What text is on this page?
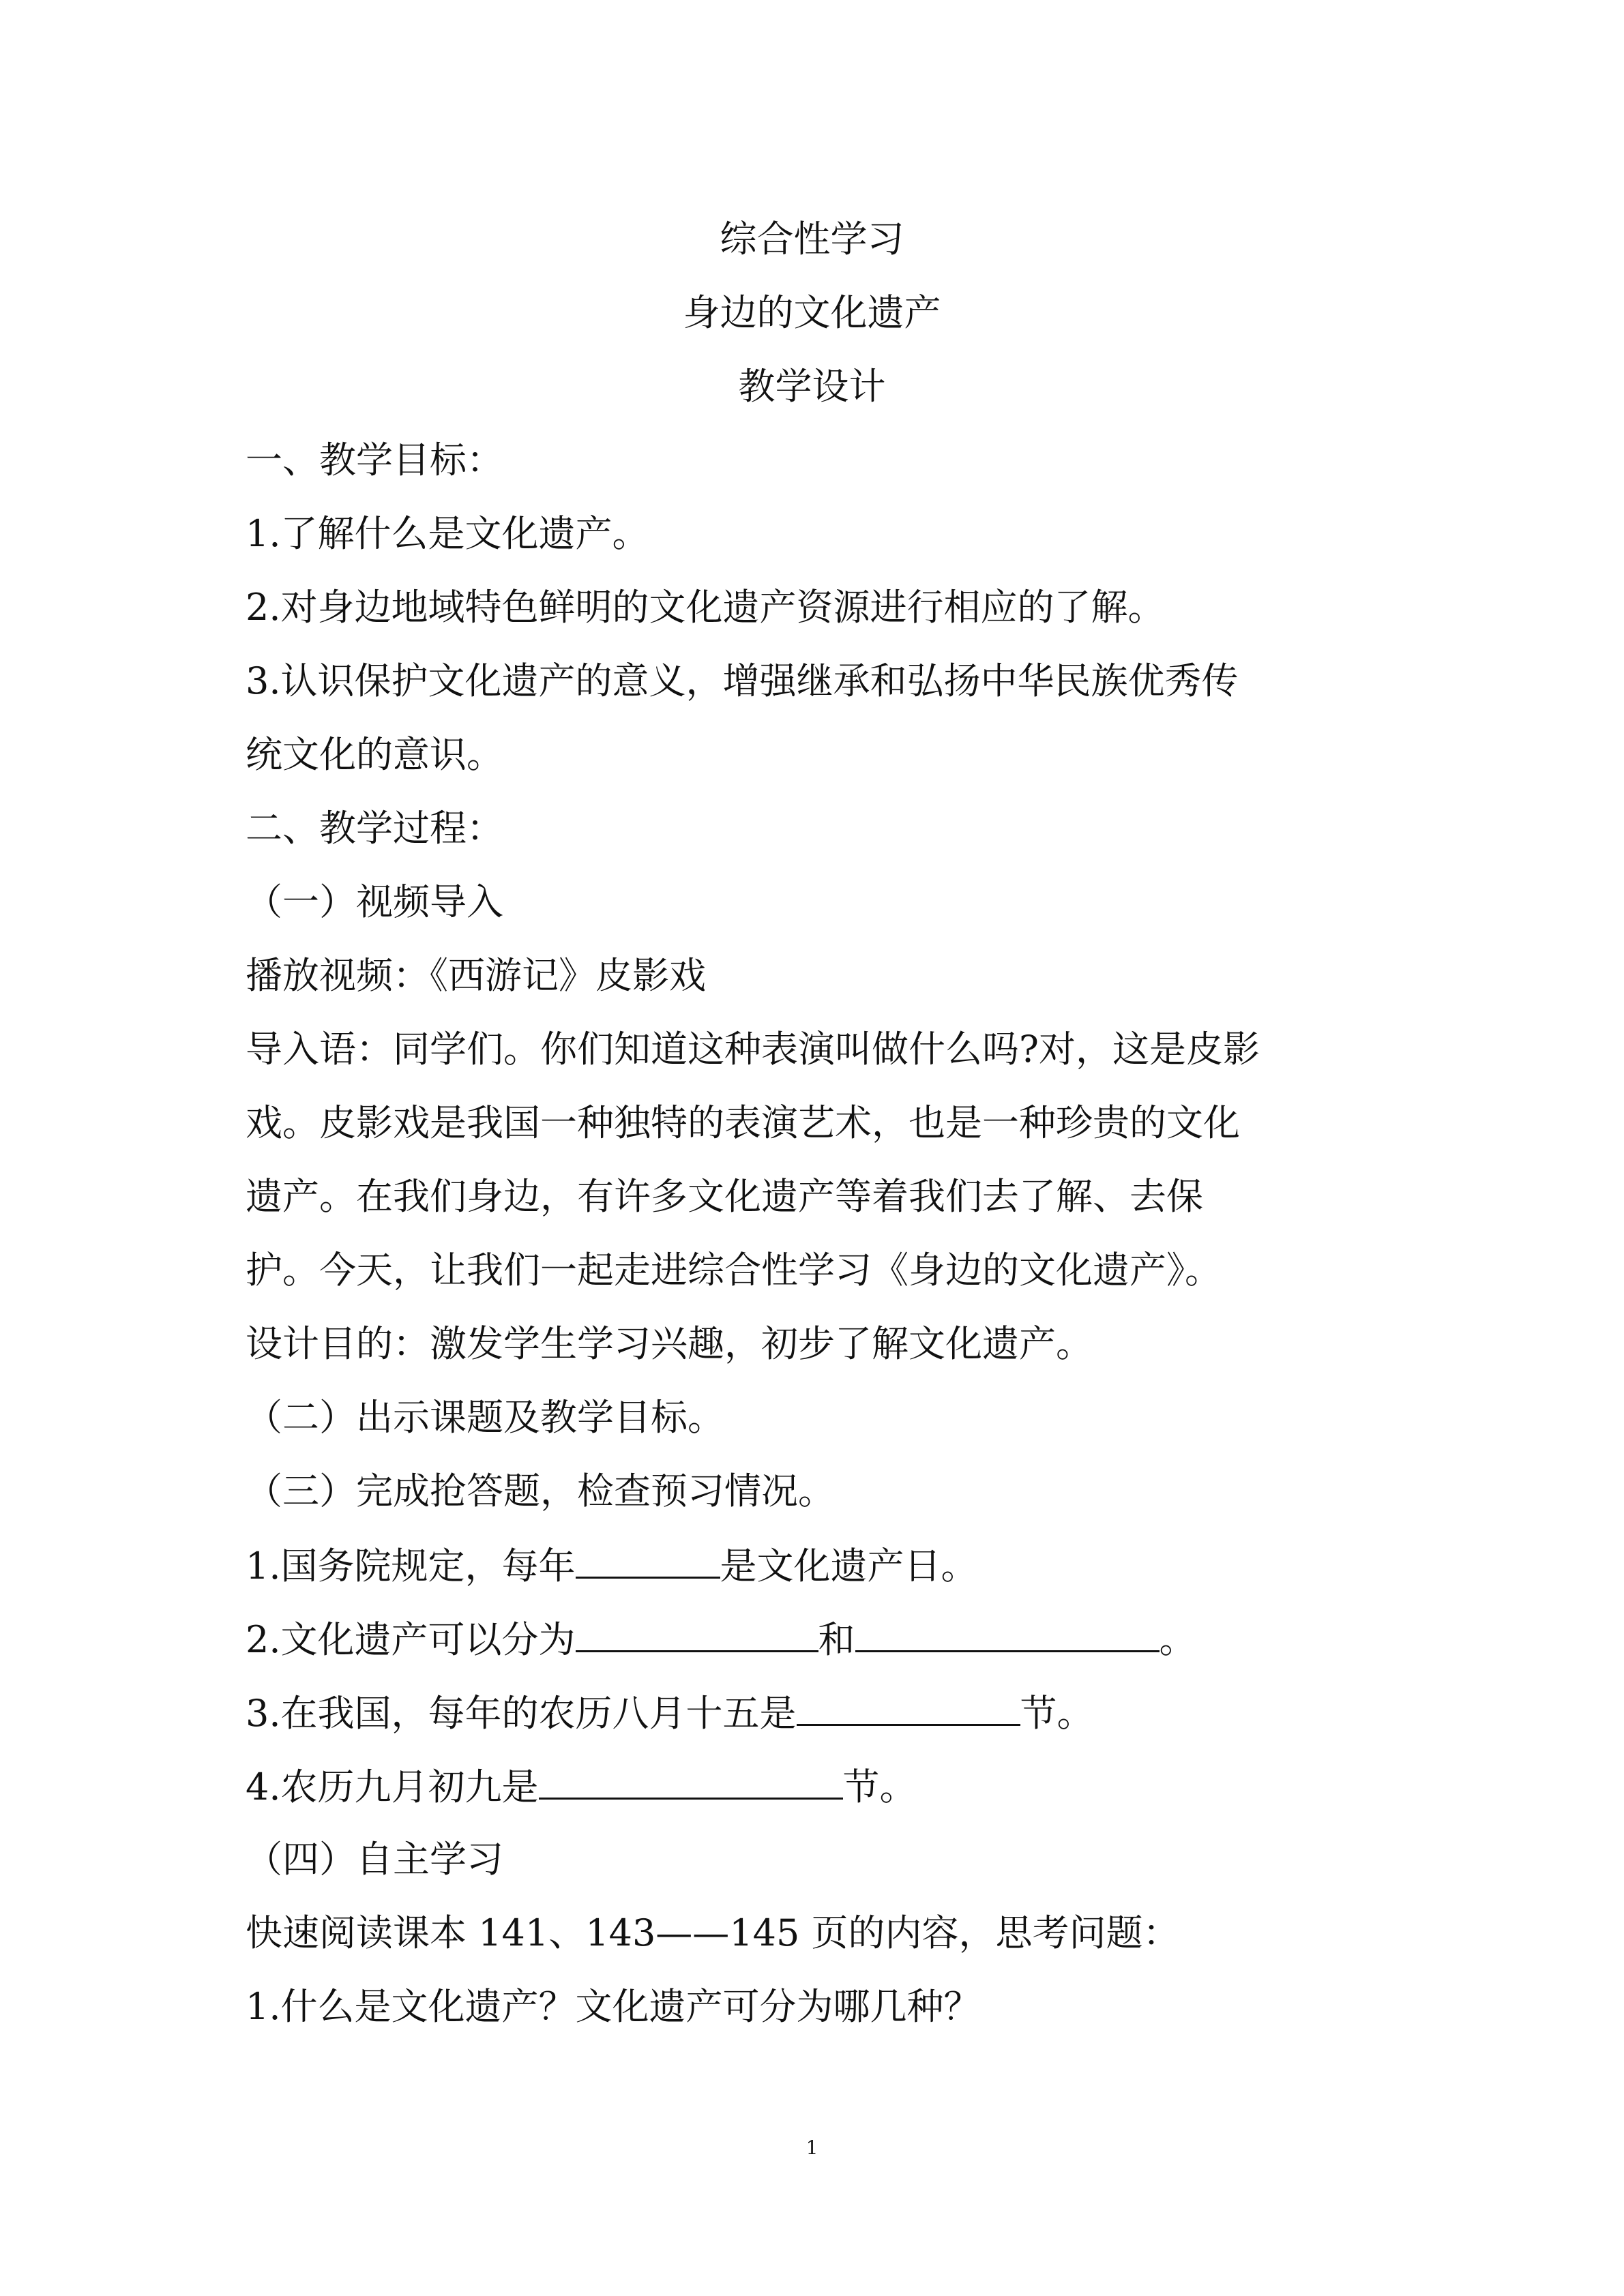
综合性学习
身边的文化遗产
教学设计
一、教学目标：
1.了解什么是文化遗产。
2.对身边地域特色鲜明的文化遗产资源进行相应的了解。
3.认识保护文化遗产的意义，增强继承和弘扬中华民族优秀传
统文化的意识。
二、教学过程：
（一）视频导入
播放视频：《西游记》皮影戏
导入语：同学们。你们知道这种表演叫做什么吗?对，这是皮影
戏。皮影戏是我国一种独特的表演艺术，也是一种珍贵的文化
遗产。在我们身边，有许多文化遗产等着我们去了解、去保
护。今天，让我们一起走进综合性学习《身边的文化遗产》。
设计目的：激发学生学习兴趣，初步了解文化遗产。
（二）出示课题及教学目标。
（三）完成抢答题，检查预习情况。
1.国务院规定，每年	是文化遗产日。
2.文化遗产可以分为	和	。
3.在我国，每年的农历八月十五是	节。
4.农历九月初九是	节。
（四）自主学习
快速阅读课本 141、143——145 页的内容，思考问题：
1.什么是文化遗产？文化遗产可分为哪几种？
1
